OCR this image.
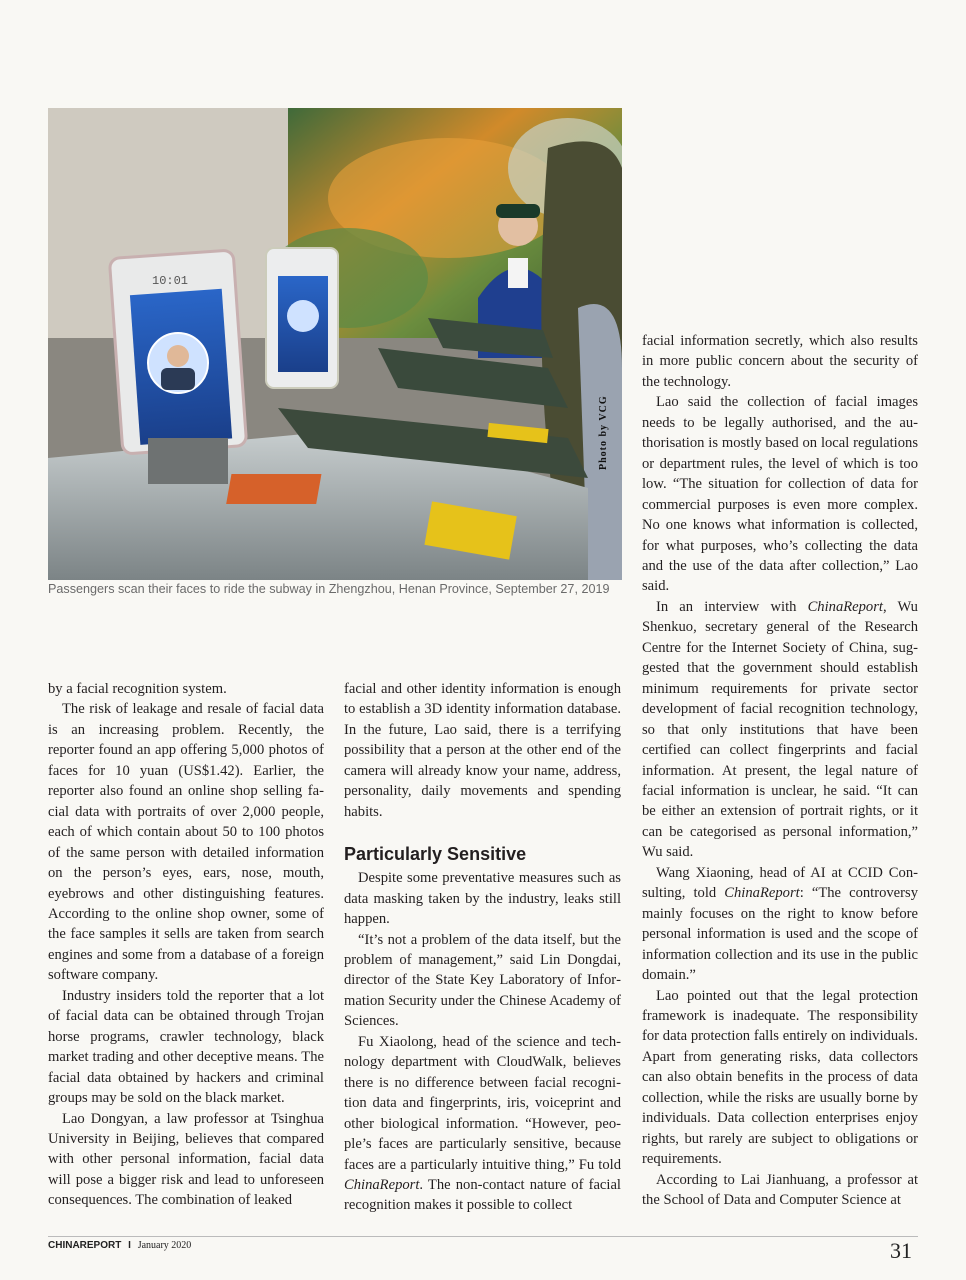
10:01
Passengers scan their faces to ride the subway in Zhengzhou, Henan Province, September 27, 2019

by a facial recognition system.

The risk of leakage and resale of facial data is an increasing problem. Recently, the reporter found an app offering 5,000 photos of faces for 10 yuan (US$1.42). Earlier, the reporter also found an online shop selling facial data with portraits of over 2,000 people, each of which contain about 50 to 100 photos of the same person with detailed information on the person’s eyes, ears, nose, mouth, eyebrows and other distinguishing features. According to the online shop owner, some of the face samples it sells are taken from search engines and some from a database of a foreign software company.

Industry insiders told the reporter that a lot of facial data can be obtained through Trojan horse programs, crawler technology, black market trading and other deceptive means. The facial data obtained by hackers and criminal groups may be sold on the black market.

Lao Dongyan, a law professor at Tsinghua University in Beijing, believes that compared with other personal information, facial data will pose a bigger risk and lead to unforeseen consequences. The combination of leaked

facial and other identity information is enough to establish a 3D identity information database. In the future, Lao said, there is a terrifying possibility that a person at the other end of the camera will already know your name, address, personality, daily movements and spending habits.

Particularly Sensitive

Despite some preventative measures such as data masking taken by the industry, leaks still happen.

“It’s not a problem of the data itself, but the problem of management,” said Lin Dongdai, director of the State Key Laboratory of Information Security under the Chinese Academy of Sciences.

Fu Xiaolong, head of the science and technology department with CloudWalk, believes there is no difference between facial recognition data and fingerprints, iris, voiceprint and other biological information. “However, people’s faces are particularly sensitive, because faces are a particularly intuitive thing,” Fu told ChinaReport. The non-contact nature of facial recognition makes it possible to collect

facial information secretly, which also results in more public concern about the security of the technology.

Lao said the collection of facial images needs to be legally authorised, and the authorisation is mostly based on local regulations or department rules, the level of which is too low. “The situation for collection of data for commercial purposes is even more complex. No one knows what information is collected, for what purposes, who’s collecting the data and the use of the data after collection,” Lao said.

In an interview with ChinaReport, Wu Shenkuo, secretary general of the Research Centre for the Internet Society of China, suggested that the government should establish minimum requirements for private sector development of facial recognition technology, so that only institutions that have been certified can collect fingerprints and facial information. At present, the legal nature of facial information is unclear, he said. “It can be either an extension of portrait rights, or it can be categorised as personal information,” Wu said.

Wang Xiaoning, head of AI at CCID Consulting, told ChinaReport: “The controversy mainly focuses on the right to know before personal information is used and the scope of information collection and its use in the public domain.”

Lao pointed out that the legal protection framework is inadequate. The responsibility for data protection falls entirely on individuals. Apart from generating risks, data collectors can also obtain benefits in the process of data collection, while the risks are usually borne by individuals. Data collection enterprises enjoy rights, but rarely are subject to obligations or requirements.

According to Lai Jianhuang, a professor at the School of Data and Computer Science at

CHINAREPORT I January 2020	31
